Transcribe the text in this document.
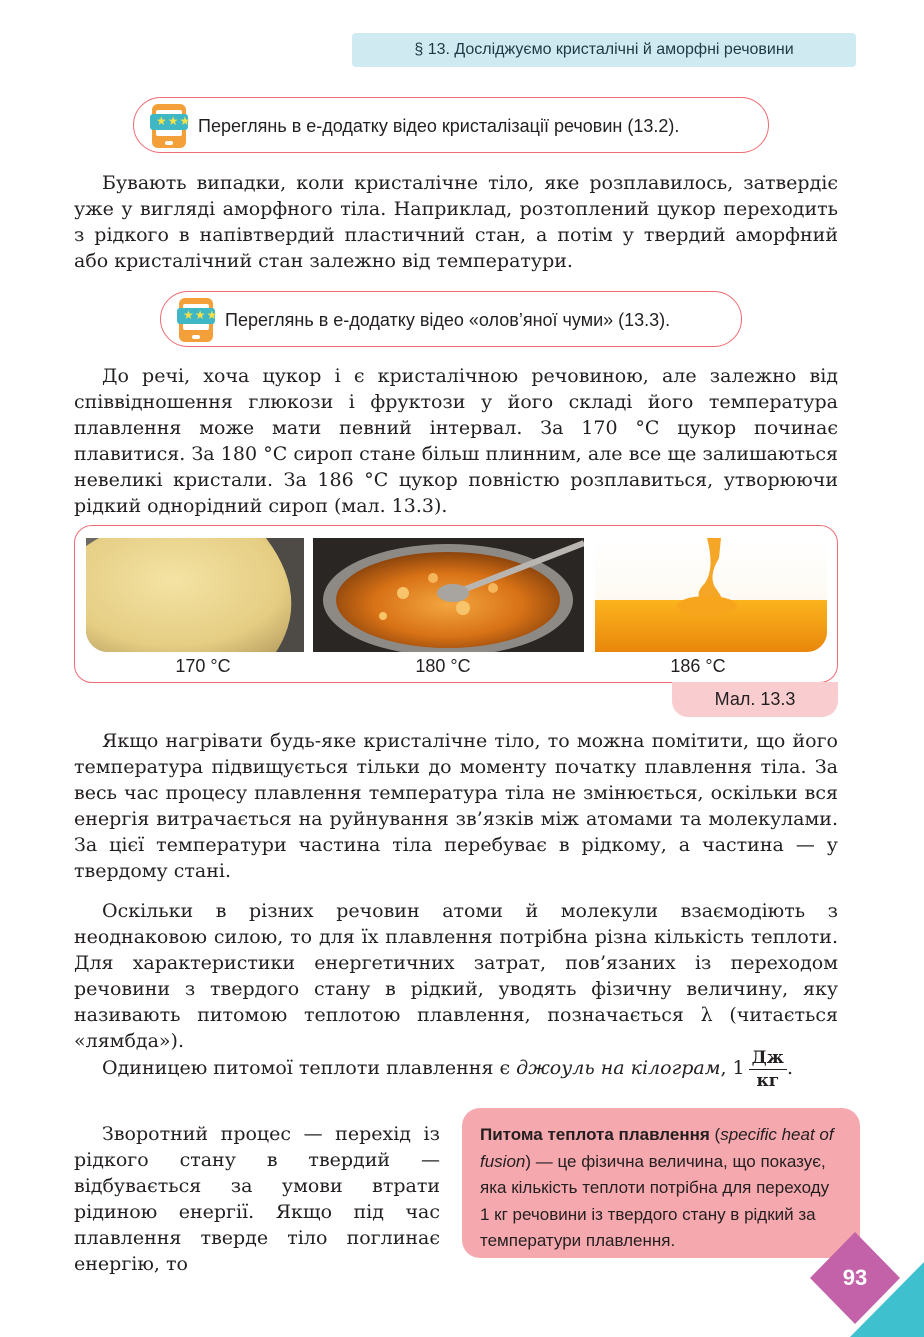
§ 13. Досліджуємо кристалічні й аморфні речовини
★★★ Переглянь в е-додатку відео кристалізації речовин (13.2).

Бувають випадки, коли кристалічне тіло, яке розплавилось, затвердіє уже у вигляді аморфного тіла. Наприклад, розтоплений цукор переходить з рідкого в напівтвердий пластичний стан, а потім у твердий аморфний або кристалічний стан залежно від температури.

★★★ Переглянь в е-додатку відео «олов’яної чуми» (13.3).

До речі, хоча цукор і є кристалічною речовиною, але залежно від співвідношення глюкози і фруктози у його складі його температура плавлення може мати певний інтервал. За 170 °С цукор починає плавитися. За 180 °С сироп стане більш плинним, але все ще залишаються невеликі кристали. За 186 °С цукор повністю розплавиться, утворюючи рідкий однорідний сироп (мал. 13.3).

170 °С	180 °С	186 °С
Мал. 13.3

Якщо нагрівати будь-яке кристалічне тіло, то можна помітити, що його температура підвищується тільки до моменту початку плавлення тіла. За весь час процесу плавлення температура тіла не змінюється, оскільки вся енергія витрачається на руйнування зв’язків між атомами та молекулами. За цієї температури частина тіла перебуває в рідкому, а частина — у твердому стані.

Оскільки в різних речовин атоми й молекули взаємодіють з неоднаковою силою, то для їх плавлення потрібна різна кількість теплоти. Для характеристики енергетичних затрат, пов’язаних із переходом речовини з твердого стану в рідкий, уводять фізичну величину, яку називають питомою теплотою плавлення, позначається λ (читається «лямбда»).

Одиницею питомої теплоти плавлення є джоуль на кілограм, $1 \frac{Дж}{кг}$ .

Зворотний процес — перехід із рідкого стану в твердий — відбувається за умови втрати рідиною енергії. Якщо під час плавлення тверде тіло поглинає енергію, то

Питома теплота плавлення (specific heat of fusion) — це фізична величина, що показує, яка кількість теплоти потрібна для переходу 1 кг речовини із твердого стану в рідкий за температури плавлення.
93
